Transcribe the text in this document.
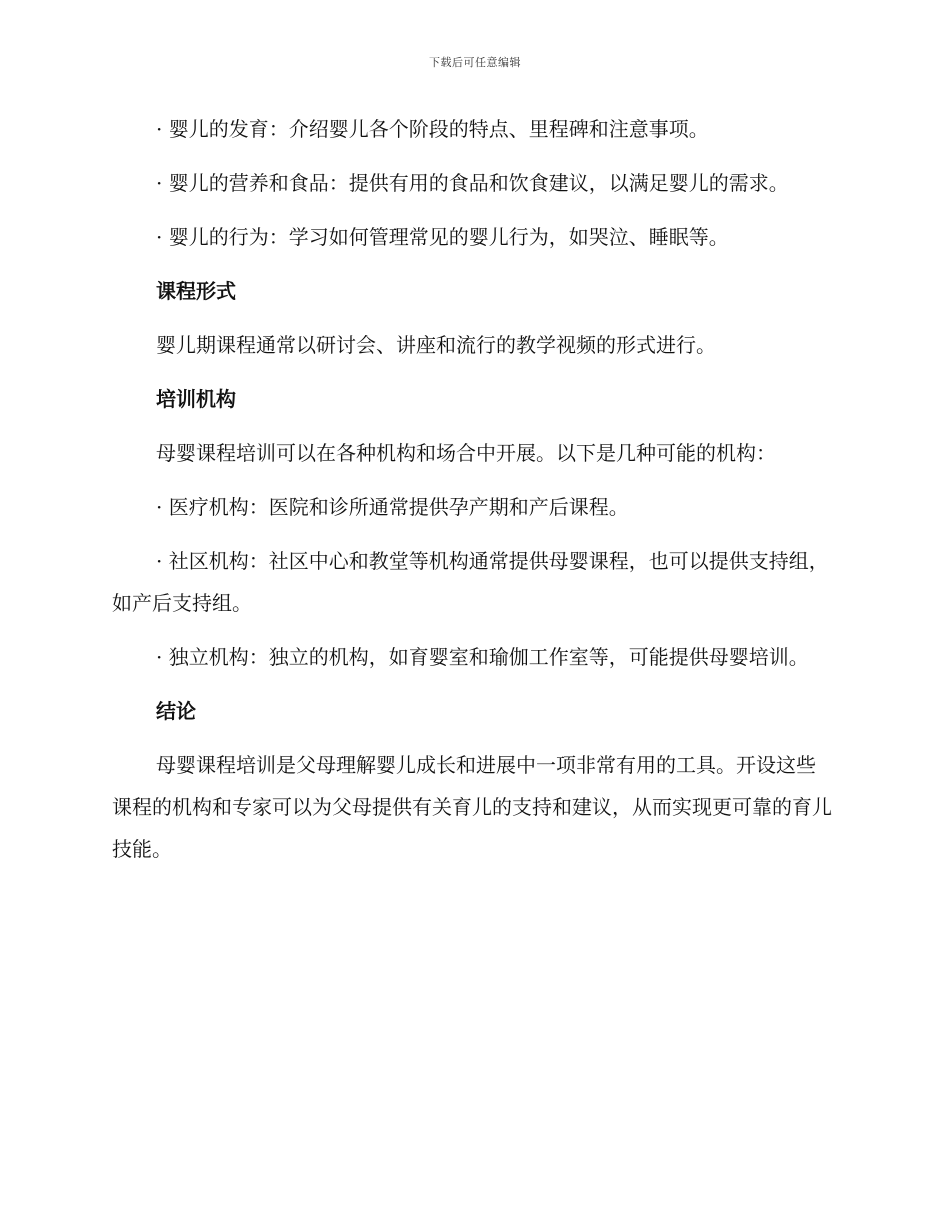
下载后可任意编辑

· 婴儿的发育：介绍婴儿各个阶段的特点、里程碑和注意事项。

· 婴儿的营养和食品：提供有用的食品和饮食建议，以满足婴儿的需求。

· 婴儿的行为：学习如何管理常见的婴儿行为，如哭泣、睡眠等。

课程形式

婴儿期课程通常以研讨会、讲座和流行的教学视频的形式进行。

培训机构

母婴课程培训可以在各种机构和场合中开展。以下是几种可能的机构：

· 医疗机构：医院和诊所通常提供孕产期和产后课程。

· 社区机构：社区中心和教堂等机构通常提供母婴课程，也可以提供支持组，如产后支持组。

· 独立机构：独立的机构，如育婴室和瑜伽工作室等，可能提供母婴培训。

结论

母婴课程培训是父母理解婴儿成长和进展中一项非常有用的工具。开设这些课程的机构和专家可以为父母提供有关育儿的支持和建议，从而实现更可靠的育儿技能。
